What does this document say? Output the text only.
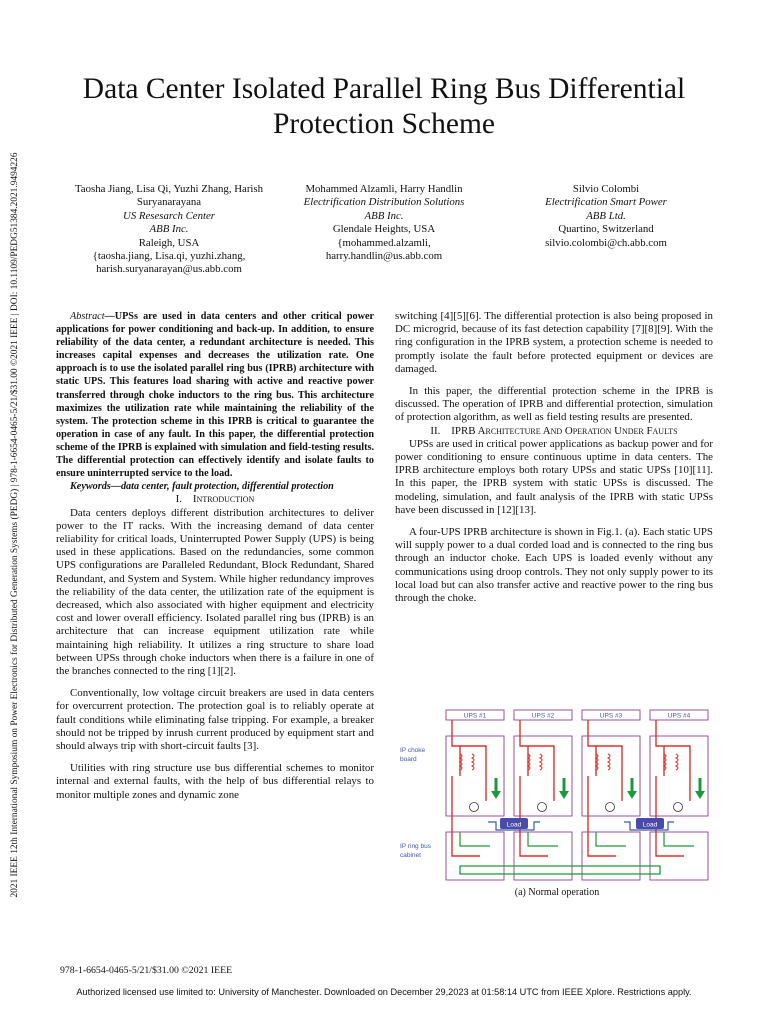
2021 IEEE 12th International Symposium on Power Electronics for Distributed Generation Systems (PEDG) | 978-1-6654-0465-5/21/$31.00 ©2021 IEEE | DOI: 10.1109/PEDG51384.2021.9494226
Data Center Isolated Parallel Ring Bus Differential
Protection Scheme
Taosha Jiang, Lisa Qi, Yuzhi Zhang, Harish
Suryanarayana
US Resesarch Center
ABB Inc.
Raleigh, USA
{taosha.jiang, Lisa.qi, yuzhi.zhang,
harish.suryanarayan@us.abb.com
Mohammed Alzamli, Harry Handlin
Electrification Distribution Solutions
ABB Inc.
Glendale Heights, USA
{mohammed.alzamli,
harry.handlin@us.abb.com
Silvio Colombi
Electrification Smart Power
ABB Ltd.
Quartino, Switzerland
silvio.colombi@ch.abb.com

Abstract—UPSs are used in data centers and other critical power applications for power conditioning and back-up. In addition, to ensure reliability of the data center, a redundant architecture is needed. This increases capital expenses and decreases the utilization rate. One approach is to use the isolated parallel ring bus (IPRB) architecture with static UPS. This features load sharing with active and reactive power transferred through choke inductors to the ring bus. This architecture maximizes the utilization rate while maintaining the reliability of the system. The protection scheme in this IPRB is critical to guarantee the operation in case of any fault. In this paper, the differential protection scheme of the IPRB is explained with simulation and field-testing results. The differential protection can effectively identify and isolate faults to ensure uninterrupted service to the load.

Keywords—data center, fault protection, differential protection

I. Introduction

Data centers deploys different distribution architectures to deliver power to the IT racks. With the increasing demand of data center reliability for critical loads, Uninterrupted Power Supply (UPS) is being used in these applications. Based on the redundancies, some common UPS configurations are Paralleled Redundant, Block Redundant, Shared Redundant, and System and System. While higher redundancy improves the reliability of the data center, the utilization rate of the equipment is decreased, which also associated with higher equipment and electricity cost and lower overall efficiency. Isolated parallel ring bus (IPRB) is an architecture that can increase equipment utilization rate while maintaining high reliability. It utilizes a ring structure to share load between UPSs through choke inductors when there is a failure in one of the branches connected to the ring [1][2].

Conventionally, low voltage circuit breakers are used in data centers for overcurrent protection. The protection goal is to reliably operate at fault conditions while eliminating false tripping. For example, a breaker should not be tripped by inrush current produced by equipment start and should always trip with short-circuit faults [3].

Utilities with ring structure use bus differential schemes to monitor internal and external faults, with the help of bus differential relays to monitor multiple zones and dynamic zone

switching [4][5][6]. The differential protection is also being proposed in DC microgrid, because of its fast detection capability [7][8][9]. With the ring configuration in the IPRB system, a protection scheme is needed to promptly isolate the fault before protected equipment or devices are damaged.

In this paper, the differential protection scheme in the IPRB is discussed. The operation of IPRB and differential protection, simulation of protection algorithm, as well as field testing results are presented.

II. IPRB Architecture And Operation Under Faults

UPSs are used in critical power applications as backup power and for power conditioning to ensure continuous uptime in data centers. The IPRB architecture employs both rotary UPSs and static UPSs [10][11]. In this paper, the IPRB system with static UPSs is discussed. The modeling, simulation, and fault analysis of the IPRB with static UPSs have been discussed in [12][13].

A four-UPS IPRB architecture is shown in Fig.1. (a). Each static UPS will supply power to a dual corded load and is connected to the ring bus through an inductor choke. Each UPS is loaded evenly without any communications using droop controls. They not only supply power to its local load but can also transfer active and reactive power to the ring bus through the choke.

UPS #1	UPS #2	UPS #3	UPS #4
Load	Load
IP choke
board
IP ring bus
cabinet
(a) Normal operation
978-1-6654-0465-5/21/$31.00 ©2021 IEEE
Authorized licensed use limited to: University of Manchester. Downloaded on December 29,2023 at 01:58:14 UTC from IEEE Xplore. Restrictions apply.
